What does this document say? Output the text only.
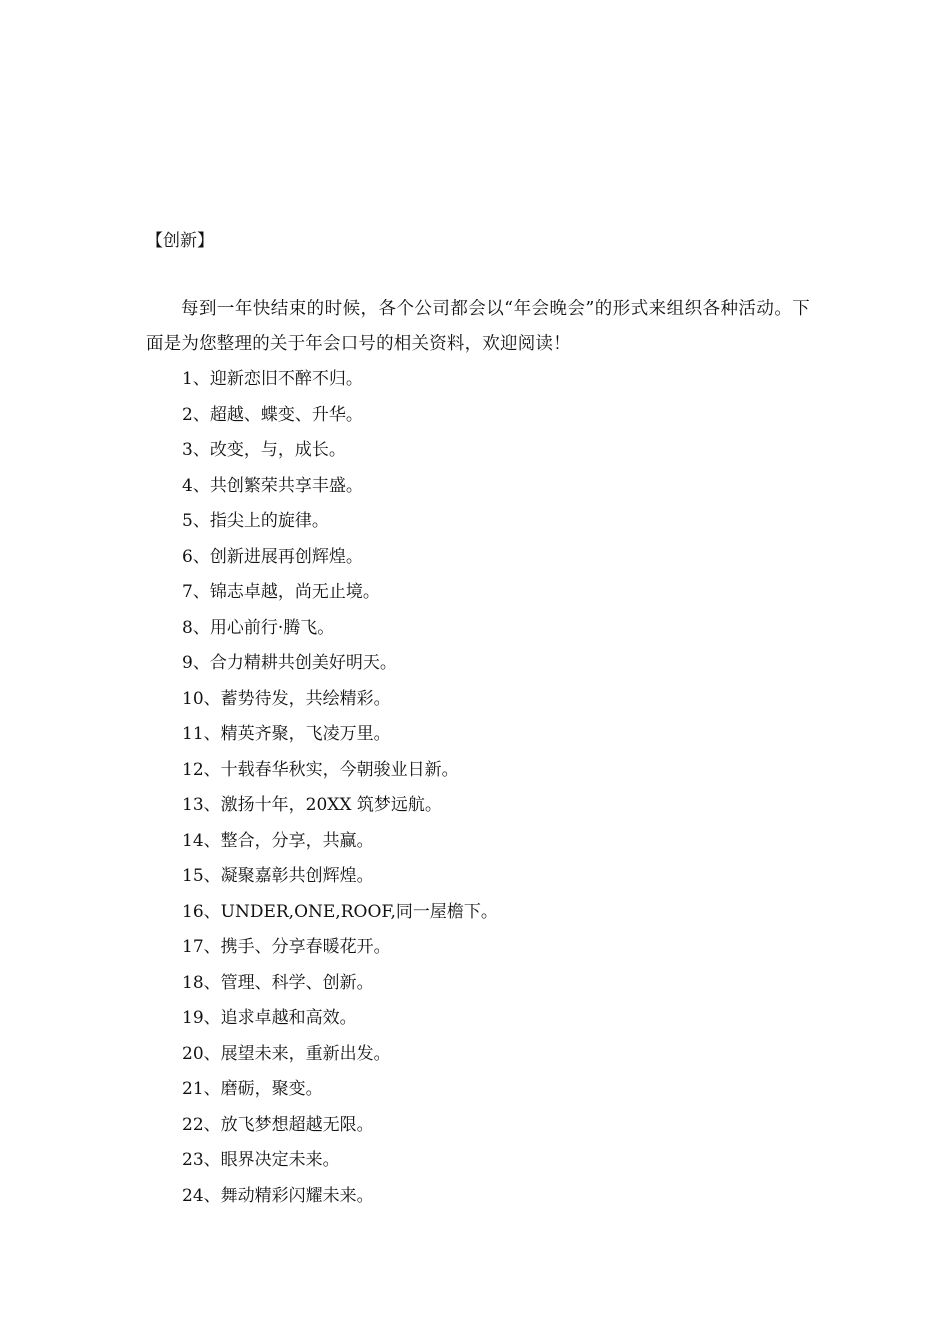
【创新】

每到一年快结束的时候，各个公司都会以“年会晚会”的形式来组织各种活动。下面是为您整理的关于年会口号的相关资料，欢迎阅读！

1、迎新恋旧不醉不归。
2、超越、蝶变、升华。
3、改变，与，成长。
4、共创繁荣共享丰盛。
5、指尖上的旋律。
6、创新进展再创辉煌。
7、锦志卓越，尚无止境。
8、用心前行·腾飞。
9、合力精耕共创美好明天。
10、蓄势待发，共绘精彩。
11、精英齐聚，飞凌万里。
12、十载春华秋实，今朝骏业日新。
13、激扬十年，20XX 筑梦远航。
14、整合，分享，共赢。
15、凝聚嘉彰共创辉煌。
16、UNDER,ONE,ROOF,同一屋檐下。
17、携手、分享春暖花开。
18、管理、科学、创新。
19、追求卓越和高效。
20、展望未来，重新出发。
21、磨砺，聚变。
22、放飞梦想超越无限。
23、眼界决定未来。
24、舞动精彩闪耀未来。
